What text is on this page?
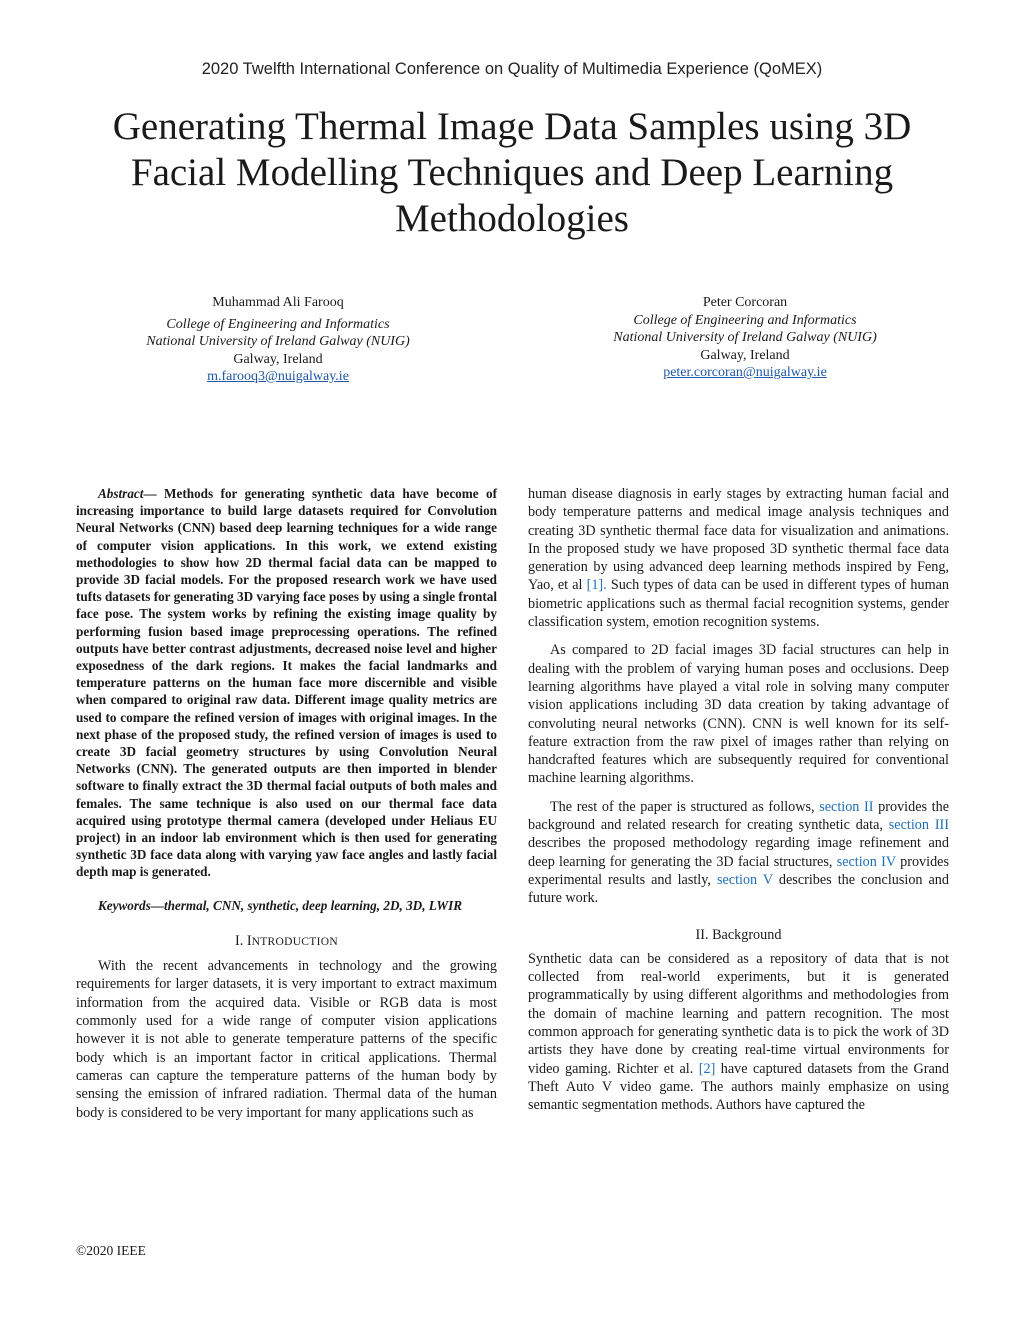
2020 Twelfth International Conference on Quality of Multimedia Experience (QoMEX)
Generating Thermal Image Data Samples using 3D
Facial Modelling Techniques and Deep Learning
Methodologies
Muhammad Ali Farooq
College of Engineering and Informatics
National University of Ireland Galway (NUIG)
Galway, Ireland
m.farooq3@nuigalway.ie
Peter Corcoran
College of Engineering and Informatics
National University of Ireland Galway (NUIG)
Galway, Ireland
peter.corcoran@nuigalway.ie

Abstract— Methods for generating synthetic data have become of increasing importance to build large datasets required for Convolution Neural Networks (CNN) based deep learning techniques for a wide range of computer vision applications. In this work, we extend existing methodologies to show how 2D thermal facial data can be mapped to provide 3D facial models. For the proposed research work we have used tufts datasets for generating 3D varying face poses by using a single frontal face pose. The system works by refining the existing image quality by performing fusion based image preprocessing operations. The refined outputs have better contrast adjustments, decreased noise level and higher exposedness of the dark regions. It makes the facial landmarks and temperature patterns on the human face more discernible and visible when compared to original raw data. Different image quality metrics are used to compare the refined version of images with original images. In the next phase of the proposed study, the refined version of images is used to create 3D facial geometry structures by using Convolution Neural Networks (CNN). The generated outputs are then imported in blender software to finally extract the 3D thermal facial outputs of both males and females. The same technique is also used on our thermal face data acquired using prototype thermal camera (developed under Heliaus EU project) in an indoor lab environment which is then used for generating synthetic 3D face data along with varying yaw face angles and lastly facial depth map is generated.

Keywords—thermal, CNN, synthetic, deep learning, 2D, 3D, LWIR

I. INTRODUCTION

With the recent advancements in technology and the growing requirements for larger datasets, it is very important to extract maximum information from the acquired data. Visible or RGB data is most commonly used for a wide range of computer vision applications however it is not able to generate temperature patterns of the specific body which is an important factor in critical applications. Thermal cameras can capture the temperature patterns of the human body by sensing the emission of infrared radiation. Thermal data of the human body is considered to be very important for many applications such as

human disease diagnosis in early stages by extracting human facial and body temperature patterns and medical image analysis techniques and creating 3D synthetic thermal face data for visualization and animations. In the proposed study we have proposed 3D synthetic thermal face data generation by using advanced deep learning methods inspired by Feng, Yao, et al [1]. Such types of data can be used in different types of human biometric applications such as thermal facial recognition systems, gender classification system, emotion recognition systems.

As compared to 2D facial images 3D facial structures can help in dealing with the problem of varying human poses and occlusions. Deep learning algorithms have played a vital role in solving many computer vision applications including 3D data creation by taking advantage of convoluting neural networks (CNN). CNN is well known for its self-feature extraction from the raw pixel of images rather than relying on handcrafted features which are subsequently required for conventional machine learning algorithms.

The rest of the paper is structured as follows, section II provides the background and related research for creating synthetic data, section III describes the proposed methodology regarding image refinement and deep learning for generating the 3D facial structures, section IV provides experimental results and lastly, section V describes the conclusion and future work.

II. Background

Synthetic data can be considered as a repository of data that is not collected from real-world experiments, but it is generated programmatically by using different algorithms and methodologies from the domain of machine learning and pattern recognition. The most common approach for generating synthetic data is to pick the work of 3D artists they have done by creating real-time virtual environments for video gaming. Richter et al. [2] have captured datasets from the Grand Theft Auto V video game. The authors mainly emphasize on using semantic segmentation methods. Authors have captured the

©2020 IEEE
